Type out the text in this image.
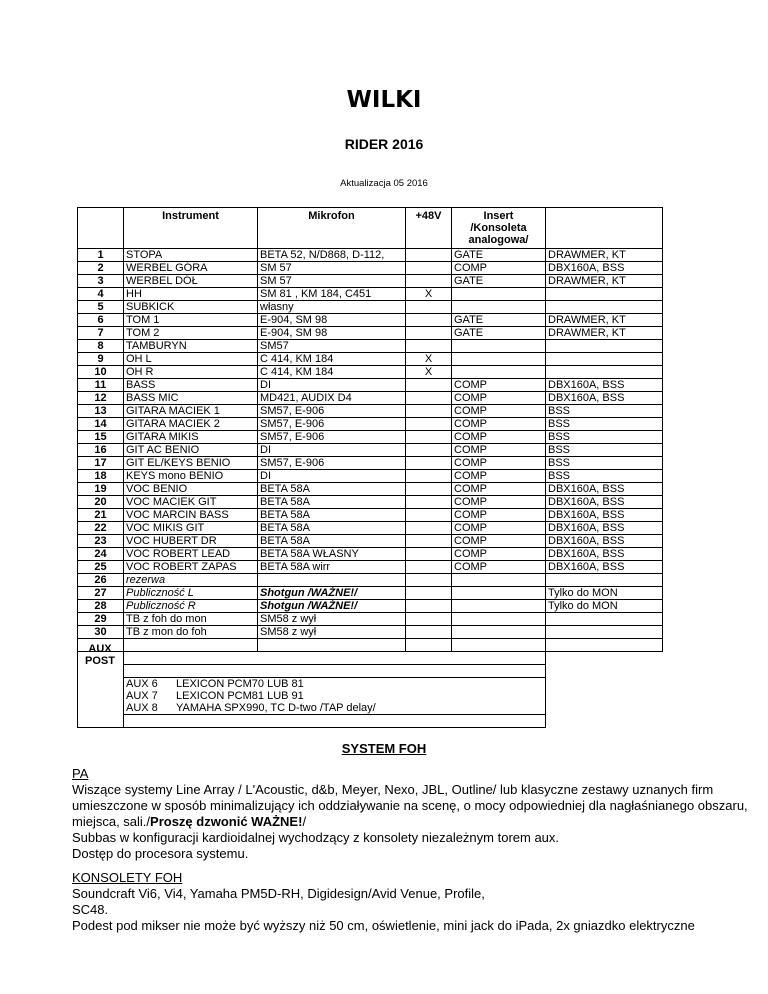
WILKI
RIDER 2016
Aktualizacja 05 2016
	Instrument	Mikrofon	+48V	Insert /Konsoleta analogowa/	
1	STOPA	BETA 52, N/D868, D-112,		GATE	DRAWMER, KT
2	WERBEL GÓRA	SM 57		COMP	DBX160A, BSS
3	WERBEL DÓŁ	SM 57		GATE	DRAWMER, KT
4	HH	SM 81 , KM 184, C451	X		
5	SUBKICK	własny			
6	TOM 1	E-904, SM 98		GATE	DRAWMER, KT
7	TOM 2	E-904, SM 98		GATE	DRAWMER, KT
8	TAMBURYN	SM57			
9	OH L	C 414, KM 184	X		
10	OH R	C 414, KM 184	X		
11	BASS	DI		COMP	DBX160A, BSS
12	BASS MIC	MD421, AUDIX D4		COMP	DBX160A, BSS
13	GITARA MACIEK 1	SM57, E-906		COMP	BSS
14	GITARA MACIEK 2	SM57, E-906		COMP	BSS
15	GITARA MIKIS	SM57, E-906		COMP	BSS
16	GIT AC BENIO	DI		COMP	BSS
17	GIT EL/KEYS BENIO	SM57, E-906		COMP	BSS
18	KEYS mono BENIO	DI		COMP	BSS
19	VOC BENIO	BETA 58A		COMP	DBX160A, BSS
20	VOC MACIEK GIT	BETA 58A		COMP	DBX160A, BSS
21	VOC MARCIN BASS	BETA 58A		COMP	DBX160A, BSS
22	VOC MIKIS GIT	BETA 58A		COMP	DBX160A, BSS
23	VOC HUBERT DR	BETA 58A		COMP	DBX160A, BSS
24	VOC ROBERT LEAD	BETA 58A WŁASNY		COMP	DBX160A, BSS
25	VOC ROBERT ZAPAS	BETA 58A wirr		COMP	DBX160A, BSS
26	rezerwa				
27	Publiczność L	Shotgun /WAŻNE!/			Tylko do MON
28	Publiczność R	Shotgun /WAŻNE!/			Tylko do MON
29	TB z foh do mon	SM58 z wył			
30	TB z mon do foh	SM58 z wył			

	AUX 6 LEXICON PCM70 LUB 81				
	AUX 7 LEXICON PCM81 LUB 91				
	AUX 8 YAMAHA SPX990, TC D-two /TAP delay/				

AUX POST
SYSTEM FOH
PA
Wiszące systemy Line Array / L'Acoustic, d&b, Meyer, Nexo, JBL, Outline/ lub klasyczne zestawy uznanych firm umieszczone w sposób minimalizujący ich oddziaływanie na scenę, o mocy odpowiedniej dla nagłaśnianego obszaru, miejsca, sali./Proszę dzwonić WAŻNE!/
Subbas w konfiguracji kardioidalnej wychodzący z konsolety niezależnym torem aux.
Dostęp do procesora systemu.
KONSOLETY FOH
Soundcraft Vi6, Vi4, Yamaha PM5D-RH, Digidesign/Avid Venue, Profile,
SC48.
Podest pod mikser nie może być wyższy niż 50 cm, oświetlenie, mini jack do iPada, 2x gniazdko elektryczne
